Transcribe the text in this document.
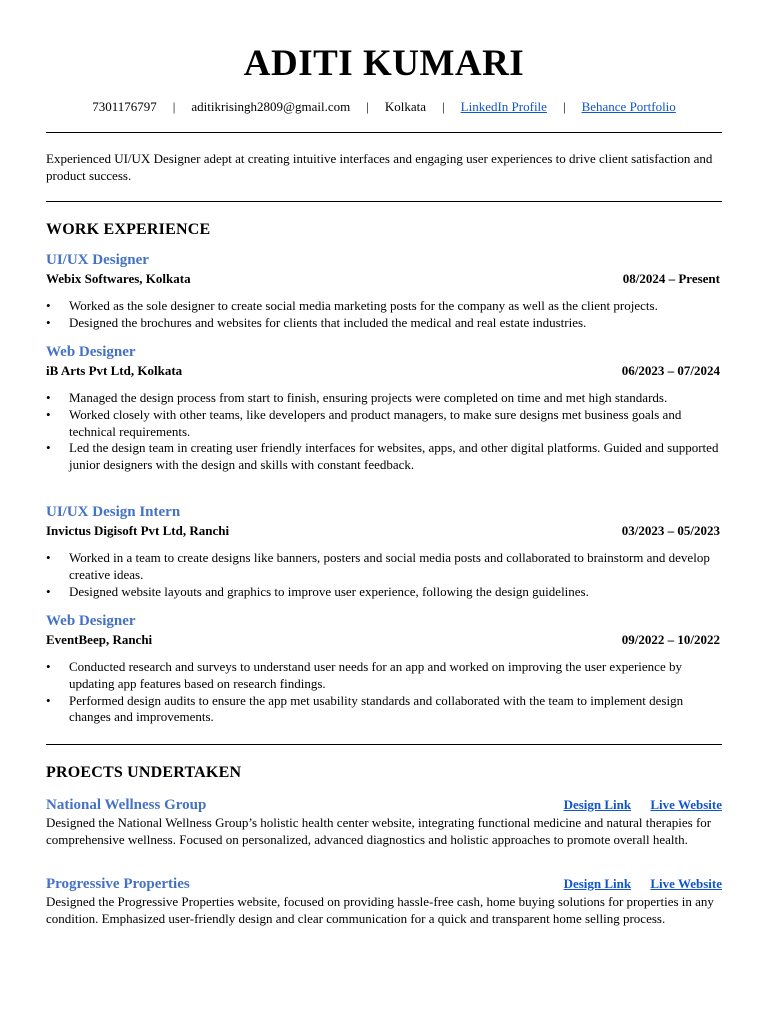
ADITI KUMARI
7301176797 | aditikrisingh2809@gmail.com | Kolkata | LinkedIn Profile | Behance Portfolio
Experienced UI/UX Designer adept at creating intuitive interfaces and engaging user experiences to drive client satisfaction and product success.
WORK EXPERIENCE
UI/UX Designer
Webix Softwares, Kolkata	08/2024 – Present
• Worked as the sole designer to create social media marketing posts for the company as well as the client projects.
• Designed the brochures and websites for clients that included the medical and real estate industries.
Web Designer
iB Arts Pvt Ltd, Kolkata	06/2023 – 07/2024
• Managed the design process from start to finish, ensuring projects were completed on time and met high standards.
• Worked closely with other teams, like developers and product managers, to make sure designs met business goals and technical requirements.
• Led the design team in creating user friendly interfaces for websites, apps, and other digital platforms. Guided and supported junior designers with the design and skills with constant feedback.
UI/UX Design Intern
Invictus Digisoft Pvt Ltd, Ranchi	03/2023 – 05/2023
• Worked in a team to create designs like banners, posters and social media posts and collaborated to brainstorm and develop creative ideas.
• Designed website layouts and graphics to improve user experience, following the design guidelines.
Web Designer
EventBeep, Ranchi	09/2022 – 10/2022
• Conducted research and surveys to understand user needs for an app and worked on improving the user experience by updating app features based on research findings.
• Performed design audits to ensure the app met usability standards and collaborated with the team to implement design changes and improvements.
PROECTS UNDERTAKEN
National Wellness Group	Design Link Live Website
Designed the National Wellness Group’s holistic health center website, integrating functional medicine and natural therapies for comprehensive wellness. Focused on personalized, advanced diagnostics and holistic approaches to promote overall health.
Progressive Properties	Design Link Live Website
Designed the Progressive Properties website, focused on providing hassle-free cash, home buying solutions for properties in any condition. Emphasized user-friendly design and clear communication for a quick and transparent home selling process.
